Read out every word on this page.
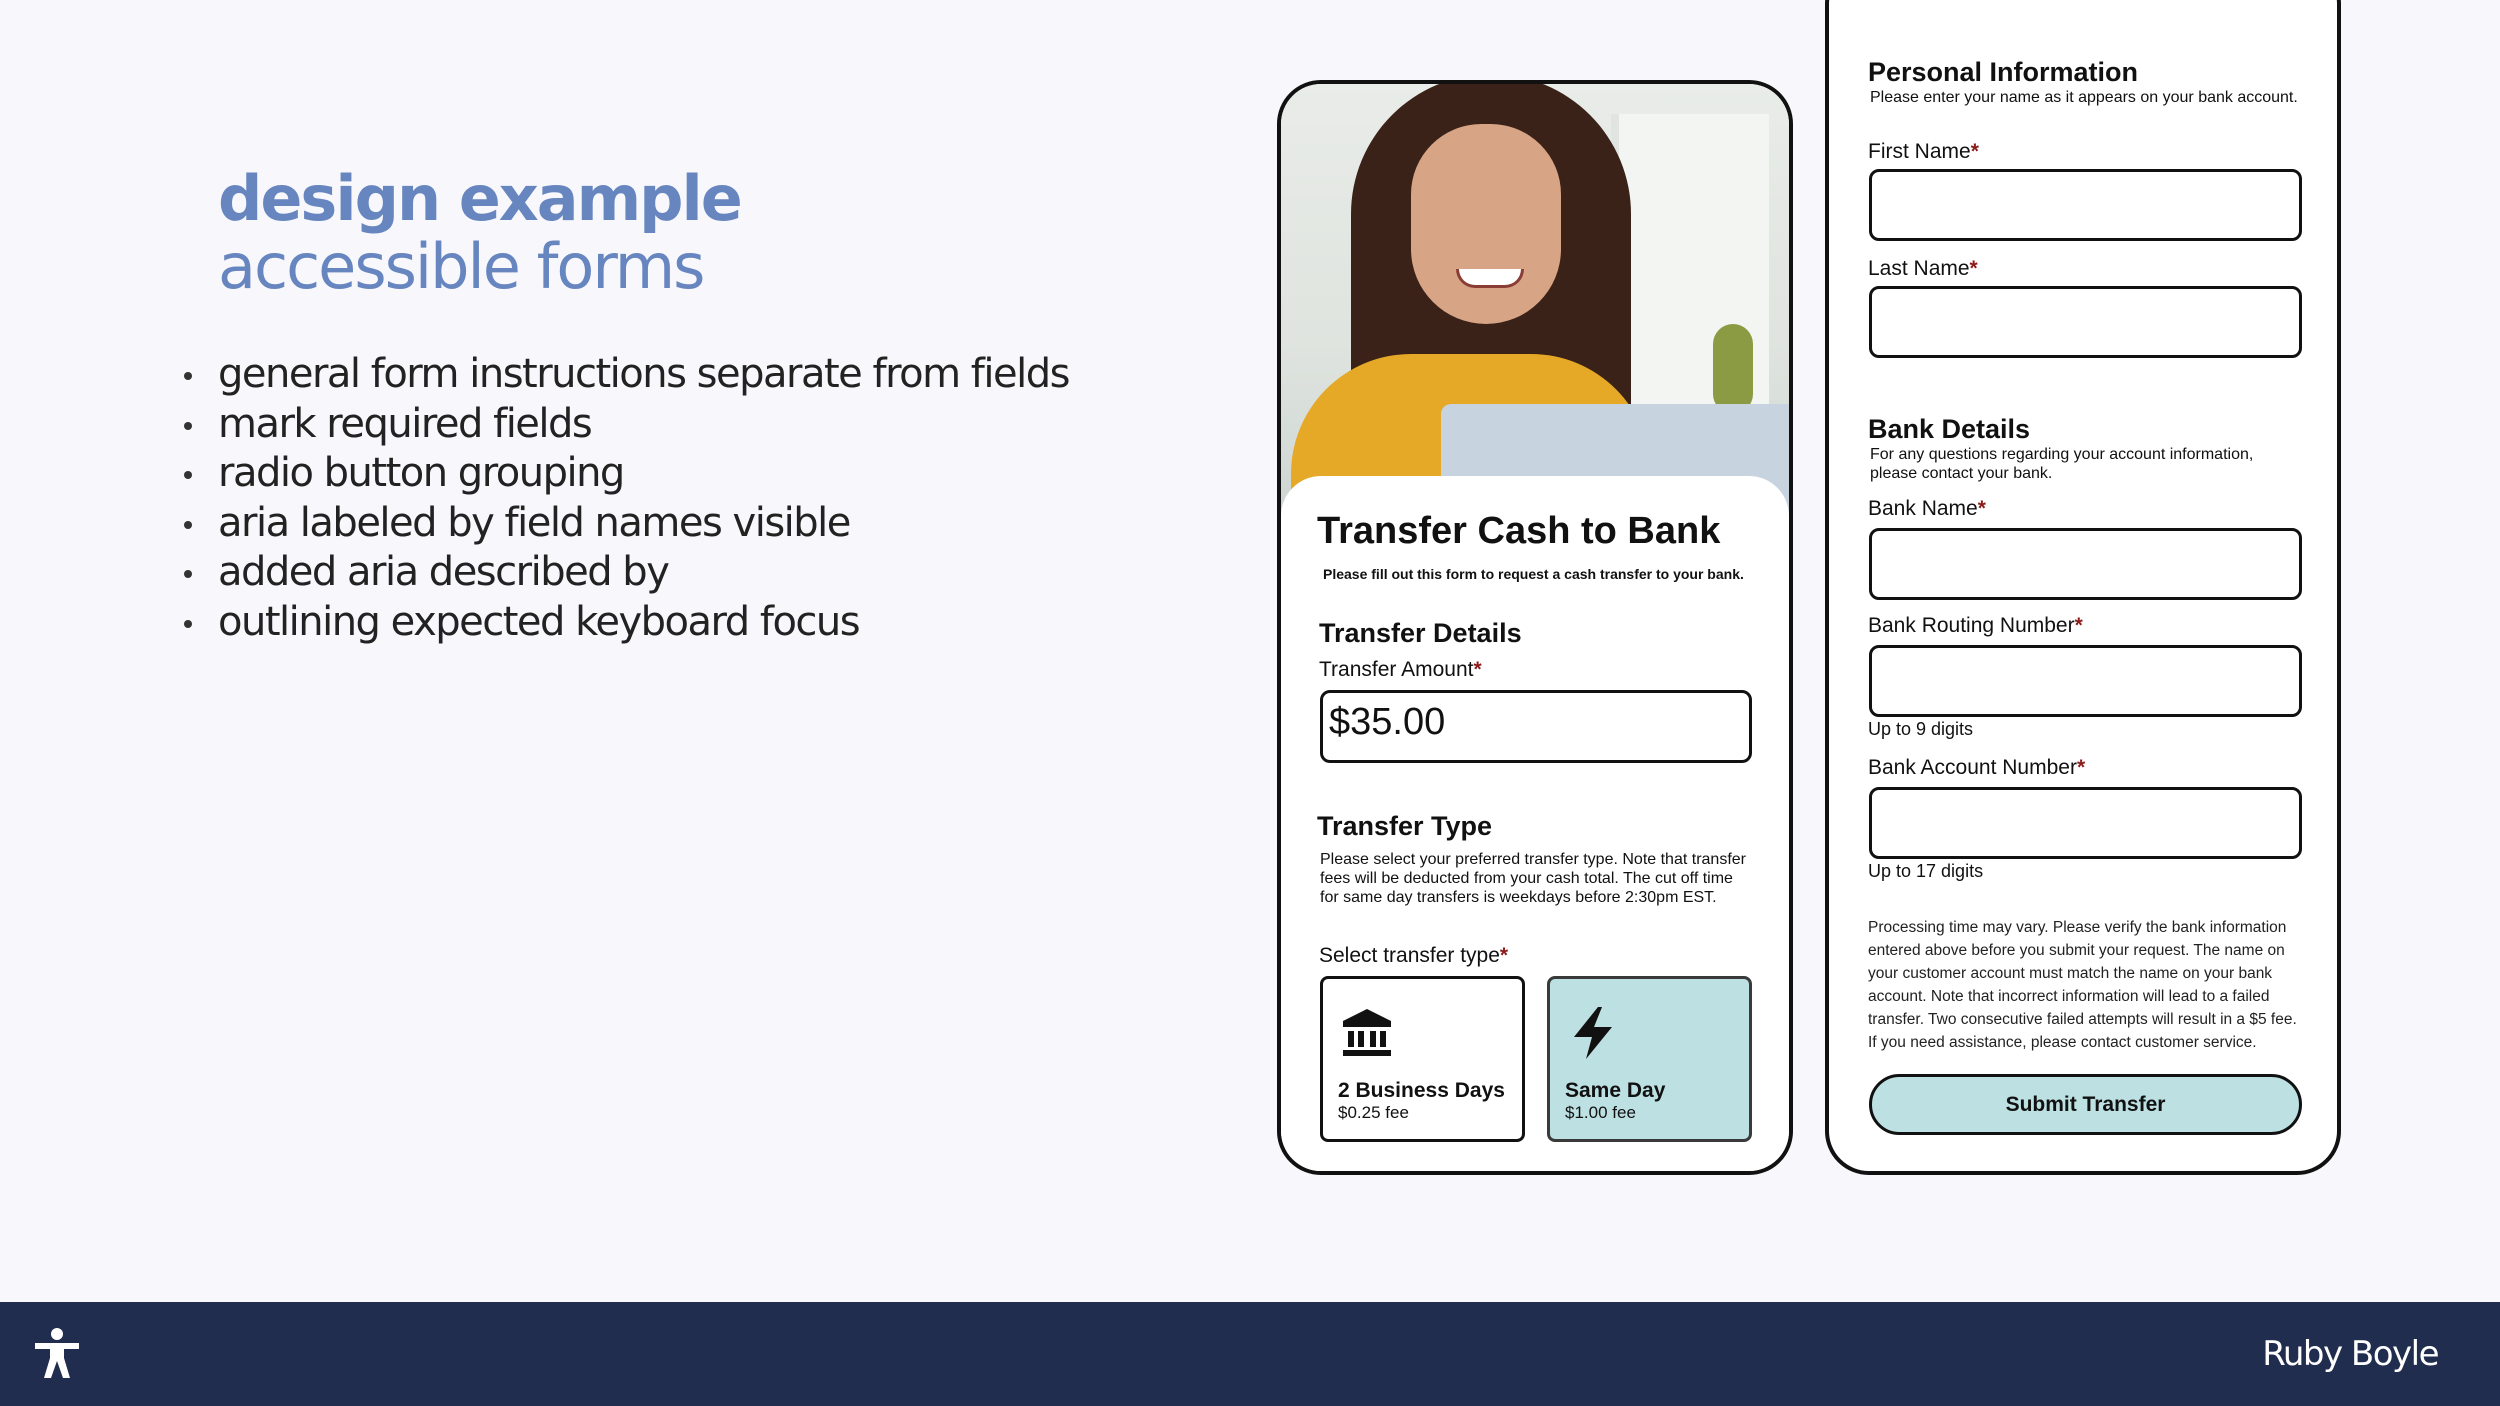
design example
accessible forms
general form instructions separate from fields
mark required fields
radio button grouping
aria labeled by field names visible
added aria described by
outlining expected keyboard focus
Transfer Cash to Bank

Please fill out this form to request a cash transfer to your bank.

Transfer Details
Transfer Amount*
$35.00
Transfer Type

Please select your preferred transfer type. Note that transfer fees will be deducted from your cash total. The cut off time for same day transfers is weekdays before 2:30pm EST.

Select transfer type*
2 Business Days
$0.25 fee
Same Day
$1.00 fee
Personal Information

Please enter your name as it appears on your bank account.

First Name*
Last Name*
Bank Details

For any questions regarding your account information, please contact your bank.

Bank Name*
Bank Routing Number*

Up to 9 digits

Bank Account Number*

Up to 17 digits

Processing time may vary. Please verify the bank information entered above before you submit your request. The name on your customer account must match the name on your bank account. Note that incorrect information will lead to a failed transfer. Two consecutive failed attempts will result in a $5 fee. If you need assistance, please contact customer service.

Submit Transfer
Ruby Boyle
